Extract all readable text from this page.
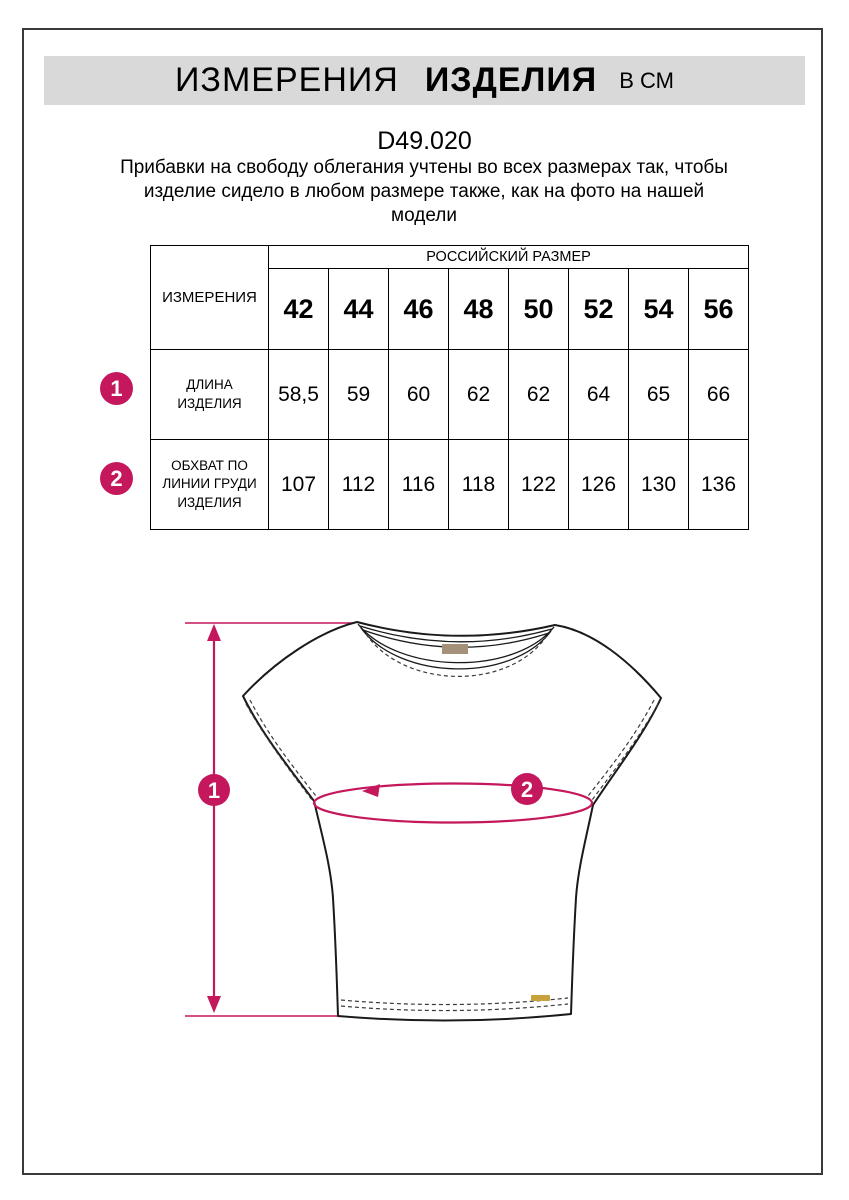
ИЗМЕРЕНИЯ ИЗДЕЛИЯ В СМ
D49.020
Прибавки на свободу облегания учтены во всех размерах так, чтобы
изделие сидело в любом размере также, как на фото на нашей
модели
ИЗМЕРЕНИЯ	РОССИЙСКИЙ РАЗМЕР							
	42	44	46	48	50	52	54	56
ДЛИНА ИЗДЕЛИЯ	58,5	59	60	62	62	64	65	66
ОБХВАТ ПО ЛИНИИ ГРУДИ ИЗДЕЛИЯ	107	112	116	118	122	126	130	136
1
2
1	2
